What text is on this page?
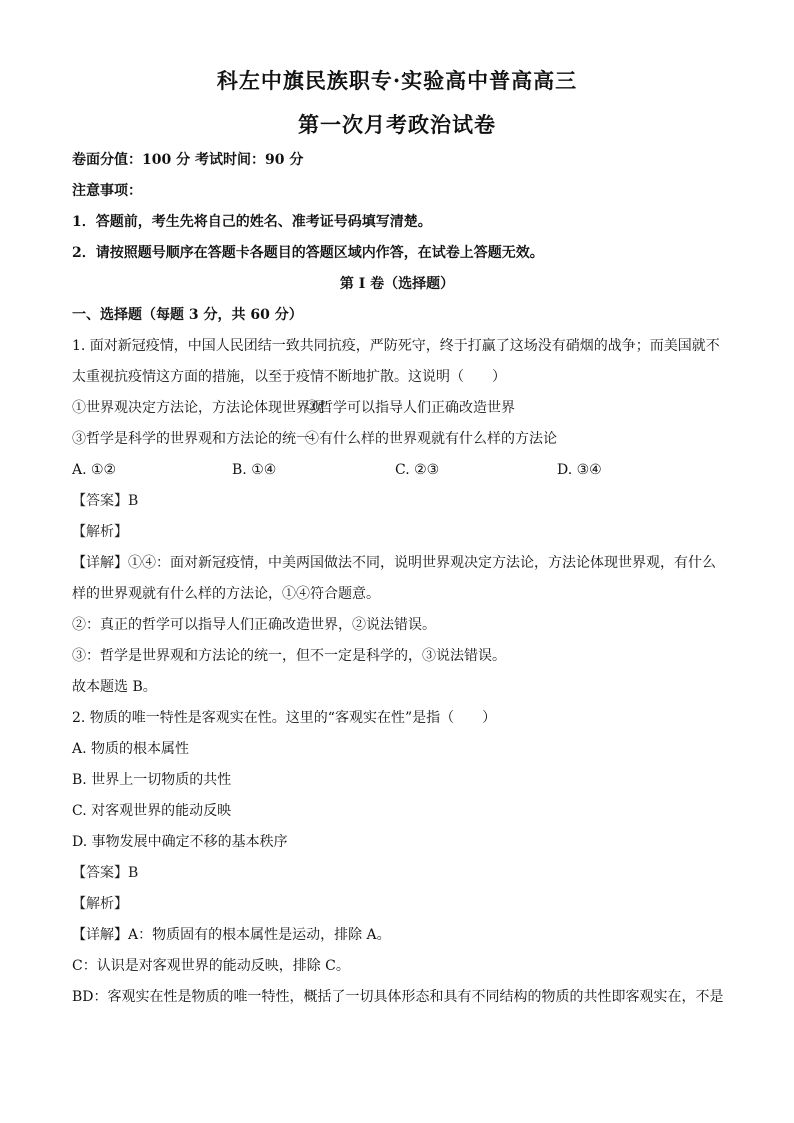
科左中旗民族职专·实验高中普高高三
第一次月考政治试卷

卷面分值：100 分 考试时间：90 分

注意事项：

1．答题前，考生先将自己的姓名、准考证号码填写清楚。

2．请按照题号顺序在答题卡各题目的答题区域内作答，在试卷上答题无效。

第 I 卷（选择题）

一、选择题（每题 3 分，共 60 分）

1. 面对新冠疫情，中国人民团结一致共同抗疫，严防死守，终于打赢了这场没有硝烟的战争；而美国就不

太重视抗疫情这方面的措施，以至于疫情不断地扩散。这说明（　　）

①世界观决定方法论，方法论体现世界观②哲学可以指导人们正确改造世界

③哲学是科学的世界观和方法论的统一④有什么样的世界观就有什么样的方法论

A. ①②	B. ①④	C. ②③	D. ③④

【答案】B

【解析】

【详解】①④：面对新冠疫情，中美两国做法不同，说明世界观决定方法论，方法论体现世界观，有什么

样的世界观就有什么样的方法论，①④符合题意。

②：真正的哲学可以指导人们正确改造世界，②说法错误。

③：哲学是世界观和方法论的统一，但不一定是科学的，③说法错误。

故本题选 B。

2. 物质的唯一特性是客观实在性。这里的“客观实在性”是指（　　）

A. 物质的根本属性

B. 世界上一切物质的共性

C. 对客观世界的能动反映

D. 事物发展中确定不移的基本秩序

【答案】B

【解析】

【详解】A：物质固有的根本属性是运动，排除 A。

C：认识是对客观世界的能动反映，排除 C。

BD：客观实在性是物质的唯一特性，概括了一切具体形态和具有不同结构的物质的共性即客观实在，不是
